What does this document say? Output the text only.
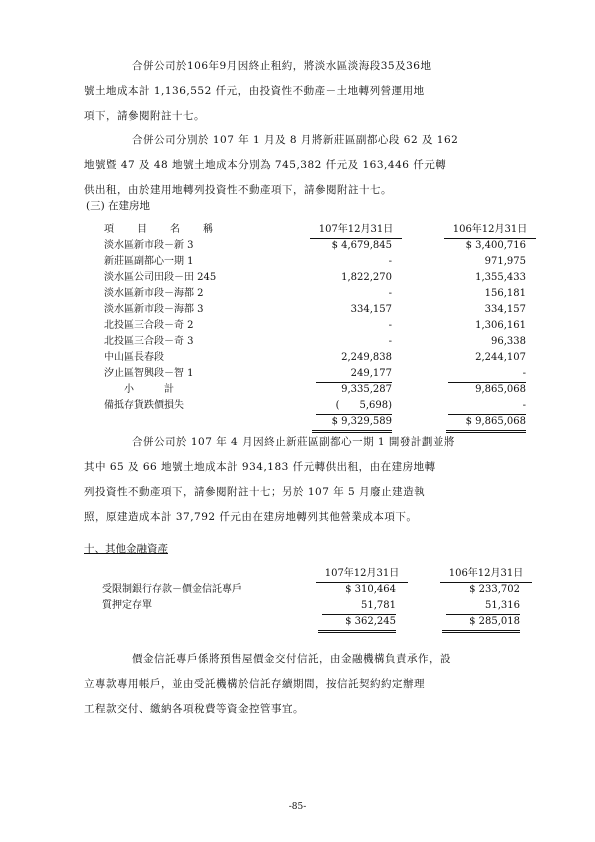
合併公司於106年9月因終止租約，將淡水區淡海段35及36地
號土地成本計 1,136,552 仟元，由投資性不動產－土地轉列營運用地
項下，請參閱附註十七。
合併公司分別於 107 年 1 月及 8 月將新莊區副都心段 62 及 162
地號暨 47 及 48 地號土地成本分別為 745,382 仟元及 163,446 仟元轉
供出租，由於建用地轉列投資性不動產項下，請參閱附註十七。
(三) 在建房地
項　　目　　名　　稱	107年12月31日	106年12月31日
淡水區新市段－新 3	$ 4,679,845	$ 3,400,716
新莊區副都心一期 1	-	971,975
淡水區公司田段－田 245	1,822,270	1,355,433
淡水區新市段－海都 2	-	156,181
淡水區新市段－海都 3	334,157	334,157
北投區三合段－奇 2	-	1,306,161
北投區三合段－奇 3	-	96,338
中山區長春段	2,249,838	2,244,107
汐止區智興段－智 1	249,177	-
小　　　計	9,335,287	9,865,068
備抵存貨跌價損失	(　　5,698)	-
$ 9,329,589	$ 9,865,068
合併公司於 107 年 4 月因終止新莊區副都心一期 1 開發計劃並將
其中 65 及 66 地號土地成本計 934,183 仟元轉供出租，由在建房地轉
列投資性不動產項下，請參閱附註十七；另於 107 年 5 月廢止建造執
照，原建造成本計 37,792 仟元由在建房地轉列其他營業成本項下。
十、其他金融資產
107年12月31日	106年12月31日
受限制銀行存款－價金信託專戶	$ 310,464	$ 233,702
質押定存單	51,781	51,316
$ 362,245	$ 285,018
價金信託專戶係將預售屋價金交付信託，由金融機構負責承作，設
立專款專用帳戶，並由受託機構於信託存續期間，按信託契約約定辦理
工程款交付、繳納各項稅費等資金控管事宜。
-85-
